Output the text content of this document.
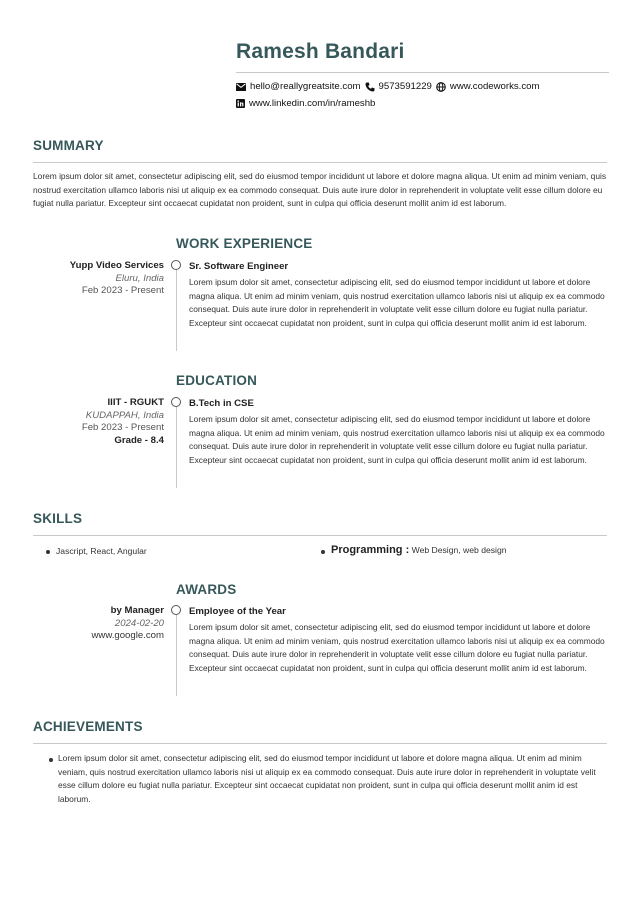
Ramesh Bandari
hello@reallygreatsite.com 9573591229 www.codeworks.com
www.linkedin.com/in/rameshb
SUMMARY
Lorem ipsum dolor sit amet, consectetur adipiscing elit, sed do eiusmod tempor incididunt ut labore et dolore magna aliqua. Ut enim ad minim veniam, quis nostrud exercitation ullamco laboris nisi ut aliquip ex ea commodo consequat. Duis aute irure dolor in reprehenderit in voluptate velit esse cillum dolore eu fugiat nulla pariatur. Excepteur sint occaecat cupidatat non proident, sunt in culpa qui officia deserunt mollit anim id est laborum.
WORK EXPERIENCE
Yupp Video Services
Eluru, India
Feb 2023 - Present
Sr. Software Engineer
Lorem ipsum dolor sit amet, consectetur adipiscing elit, sed do eiusmod tempor incididunt ut labore et dolore magna aliqua. Ut enim ad minim veniam, quis nostrud exercitation ullamco laboris nisi ut aliquip ex ea commodo consequat. Duis aute irure dolor in reprehenderit in voluptate velit esse cillum dolore eu fugiat nulla pariatur. Excepteur sint occaecat cupidatat non proident, sunt in culpa qui officia deserunt mollit anim id est laborum.
EDUCATION
IIIT - RGUKT
KUDAPPAH, India
Feb 2023 - Present
Grade - 8.4
B.Tech in CSE
Lorem ipsum dolor sit amet, consectetur adipiscing elit, sed do eiusmod tempor incididunt ut labore et dolore magna aliqua. Ut enim ad minim veniam, quis nostrud exercitation ullamco laboris nisi ut aliquip ex ea commodo consequat. Duis aute irure dolor in reprehenderit in voluptate velit esse cillum dolore eu fugiat nulla pariatur. Excepteur sint occaecat cupidatat non proident, sunt in culpa qui officia deserunt mollit anim id est laborum.
SKILLS
Jascript, React, Angular	Programming : Web Design, web design
AWARDS
by Manager
2024-02-20
www.google.com
Employee of the Year
Lorem ipsum dolor sit amet, consectetur adipiscing elit, sed do eiusmod tempor incididunt ut labore et dolore magna aliqua. Ut enim ad minim veniam, quis nostrud exercitation ullamco laboris nisi ut aliquip ex ea commodo consequat. Duis aute irure dolor in reprehenderit in voluptate velit esse cillum dolore eu fugiat nulla pariatur. Excepteur sint occaecat cupidatat non proident, sunt in culpa qui officia deserunt mollit anim id est laborum.
ACHIEVEMENTS
Lorem ipsum dolor sit amet, consectetur adipiscing elit, sed do eiusmod tempor incididunt ut labore et dolore magna aliqua. Ut enim ad minim veniam, quis nostrud exercitation ullamco laboris nisi ut aliquip ex ea commodo consequat. Duis aute irure dolor in reprehenderit in voluptate velit esse cillum dolore eu fugiat nulla pariatur. Excepteur sint occaecat cupidatat non proident, sunt in culpa qui officia deserunt mollit anim id est laborum.
